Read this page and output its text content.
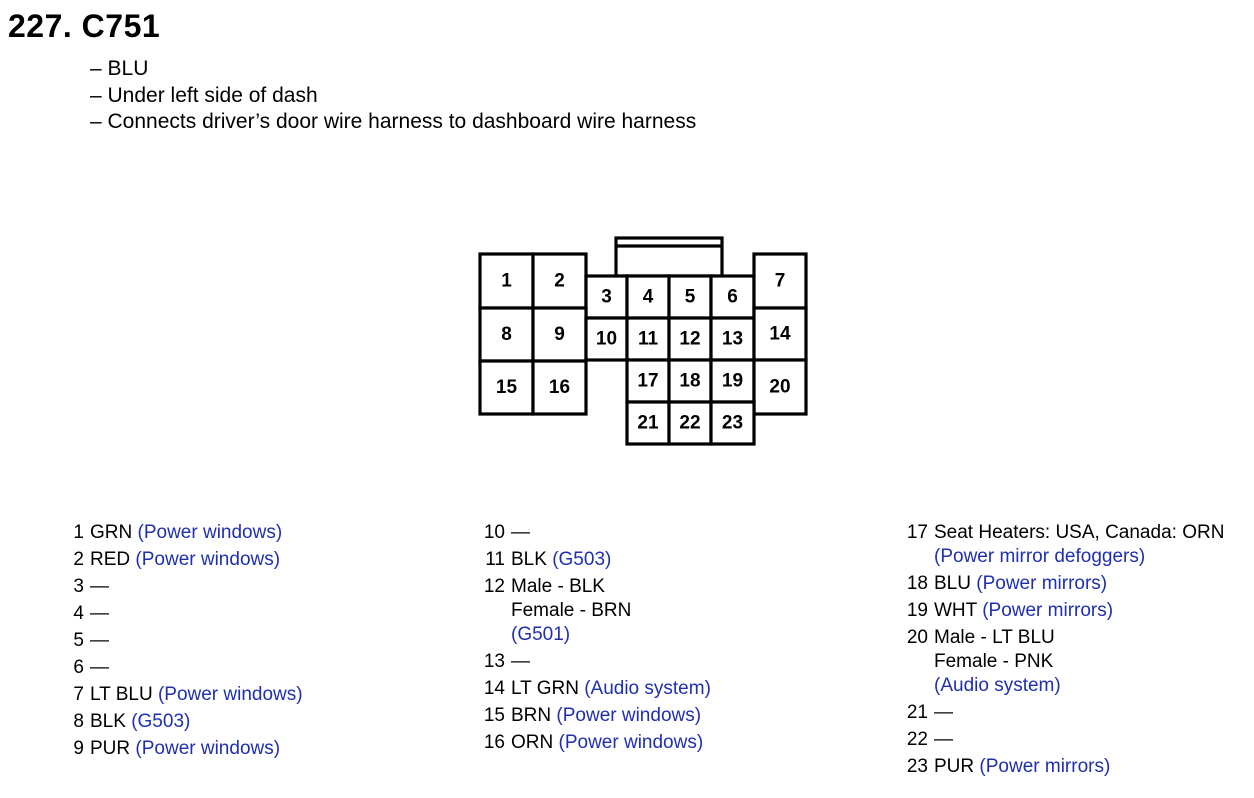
227. C751
– BLU
– Under left side of dash
– Connects driver’s door wire harness to dashboard wire harness
1 2
3 4 5 6
7
8 9 10 11 12 13 14
15 16	17 18 19 20
21 22 23
1 GRN (Power windows)
2 RED (Power windows)
3 —
4 —
5 —
6 —
7 LT BLU (Power windows)
8 BLK (G503)
9 PUR (Power windows)
10 —
11 BLK (G503)
12 Male - BLK
Female - BRN
(G501)
13 —
14 LT GRN (Audio system)
15 BRN (Power windows)
16 ORN (Power windows)
17 Seat Heaters: USA, Canada: ORN
(Power mirror defoggers)
18 BLU (Power mirrors)
19 WHT (Power mirrors)
20 Male - LT BLU
Female - PNK
(Audio system)
21 —
22 —
23 PUR (Power mirrors)
